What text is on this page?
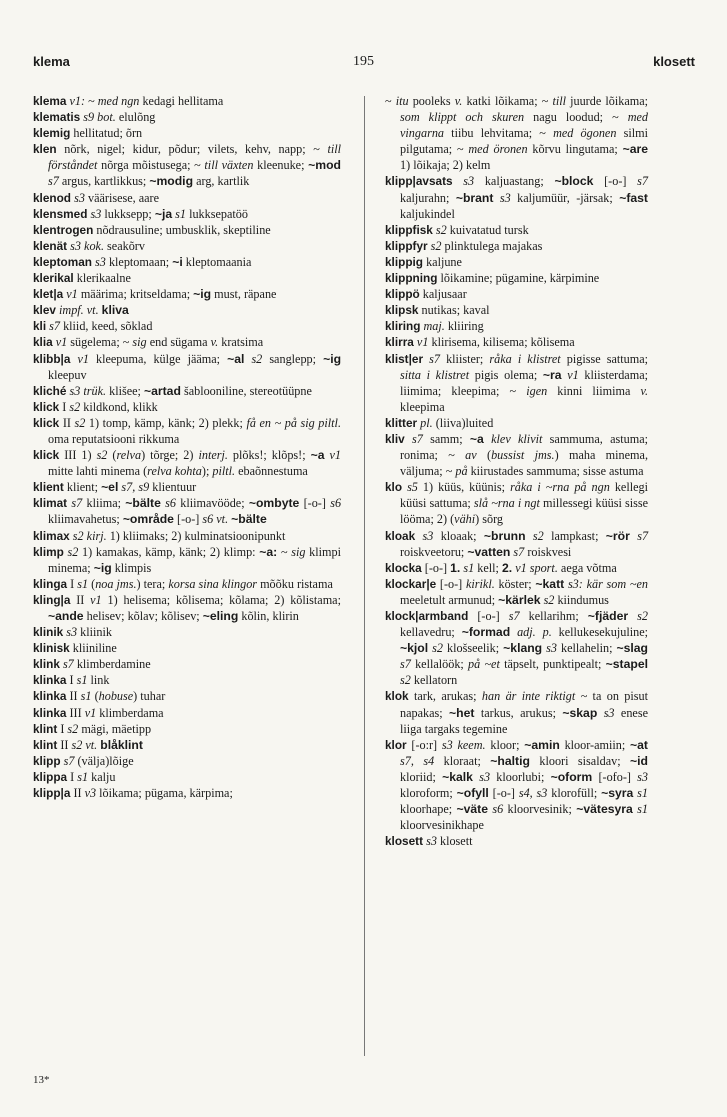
klema	195	klosett

klema v1: ~ med ngn kedagi hellitama

klematis s9 bot. elulõng

klemig hellitatud; õrn

klen nõrk, nigel; kidur, põdur; vilets, kehv, napp; ~ till förståndet nõrga mõistusega; ~ till växten kleenuke; ~mod s7 argus, kartlikkus; ~modig arg, kartlik

klenod s3 väärisese, aare

klensmed s3 lukksepp; ~ja s1 lukksepatöö

klentrogen nõdrausuline; umbusklik, skeptiline

klenät s3 kok. seakõrv

kleptoman s3 kleptomaan; ~i kleptomaania

klerikal klerikaalne

klet|a v1 määrima; kritseldama; ~ig must, räpane

klev impf. vt. kliva

kli s7 kliid, keed, sõklad

klia v1 sügelema; ~ sig end sügama v. kratsima

klibb|a v1 kleepuma, külge jääma; ~al s2 sanglepp; ~ig kleepuv

kliché s3 trük. klišee; ~artad šablooniline, stereotüüpne

klick I s2 kildkond, klikk

klick II s2 1) tomp, kämp, känk; 2) plekk; få en ~ på sig piltl. oma reputatsiooni rikkuma

klick III 1) s2 (relva) tõrge; 2) interj. plõks!; klõps!; ~a v1 mitte lahti minema (relva kohta); piltl. ebaõnnestuma

klient klient; ~el s7, s9 klientuur

klimat s7 kliima; ~bälte s6 kliimavööde; ~ombyte [-o-] s6 kliimavahetus; ~område [-o-] s6 vt. ~bälte

klimax s2 kirj. 1) kliimaks; 2) kulminatsioonipunkt

klimp s2 1) kamakas, kämp, känk; 2) klimp: ~a: ~ sig klimpi minema; ~ig klimpis

klinga I s1 (noa jms.) tera; korsa sina klingor mõõku ristama

kling|a II v1 1) helisema; kõlisema; kõlama; 2) kõlistama; ~ande helisev; kõlav; kõlisev; ~eling kõlin, klirin

klinik s3 kliinik

klinisk kliiniline

klink s7 klimberdamine

klinka I s1 link

klinka II s1 (hobuse) tuhar

klinka III v1 klimberdama

klint I s2 mägi, mäetipp

klint II s2 vt. blåklint

klipp s7 (välja)lõige

klippa I s1 kalju

klipp|a II v3 lõikama; pügama, kärpima;

~ itu pooleks v. katki lõikama; ~ till juurde lõikama; som klippt och skuren nagu loodud; ~ med vingarna tiibu lehvitama; ~ med ögonen silmi pilgutama; ~ med öronen kõrvu lingutama; ~are 1) lõikaja; 2) kelm

klipp|avsats s3 kaljuastang; ~block [-o-] s7 kaljurahn; ~brant s3 kaljumüür, -järsak; ~fast kaljukindel

klippfisk s2 kuivatatud tursk

klippfyr s2 plinktulega majakas

klippig kaljune

klippning lõikamine; pügamine, kärpimine

klippö kaljusaar

klipsk nutikas; kaval

kliring maj. kliiring

klirra v1 klirisema, kilisema; kõlisema

klist|er s7 kliister; råka i klistret pigisse sattuma; sitta i klistret pigis olema; ~ra v1 kliisterdama; liimima; kleepima; ~ igen kinni liimima v. kleepima

klitter pl. (liiva)luited

kliv s7 samm; ~a klev klivit sammuma, astuma; ronima; ~ av (bussist jms.) maha minema, väljuma; ~ på kiirustades sammuma; sisse astuma

klo s5 1) küüs, küünis; råka i ~rna på ngn kellegi küüsi sattuma; slå ~rna i ngt millessegi küüsi sisse lööma; 2) (vähi) sõrg

kloak s3 kloaak; ~brunn s2 lampkast; ~rör s7 roiskveetoru; ~vatten s7 roiskvesi

klocka [-o-] 1. s1 kell; 2. v1 sport. aega võtma

klockar|e [-o-] kirikl. köster; ~katt s3: kär som ~en meeletult armunud; ~kärlek s2 kiindumus

klock|armband [-o-] s7 kellarihm; ~fjäder s2 kellavedru; ~formad adj. p. kellukesekujuline; ~kjol s2 klošseelik; ~klang s3 kellahelin; ~slag s7 kellalöök; på ~et täpselt, punktipealt; ~stapel s2 kellatorn

klok tark, arukas; han är inte riktigt ~ ta on pisut napakas; ~het tarkus, arukus; ~skap s3 enese liiga targaks tegemine

klor [-o:r] s3 keem. kloor; ~amin kloor-amiin; ~at s7, s4 kloraat; ~haltig kloori sisaldav; ~id kloriid; ~kalk s3 kloorlubi; ~oform [-ofo-] s3 kloroform; ~ofyll [-o-] s4, s3 klorofüll; ~syra s1 kloorhape; ~väte s6 kloorvesinik; ~vätesyra s1 kloorvesinikhape

klosett s3 klosett

13*
